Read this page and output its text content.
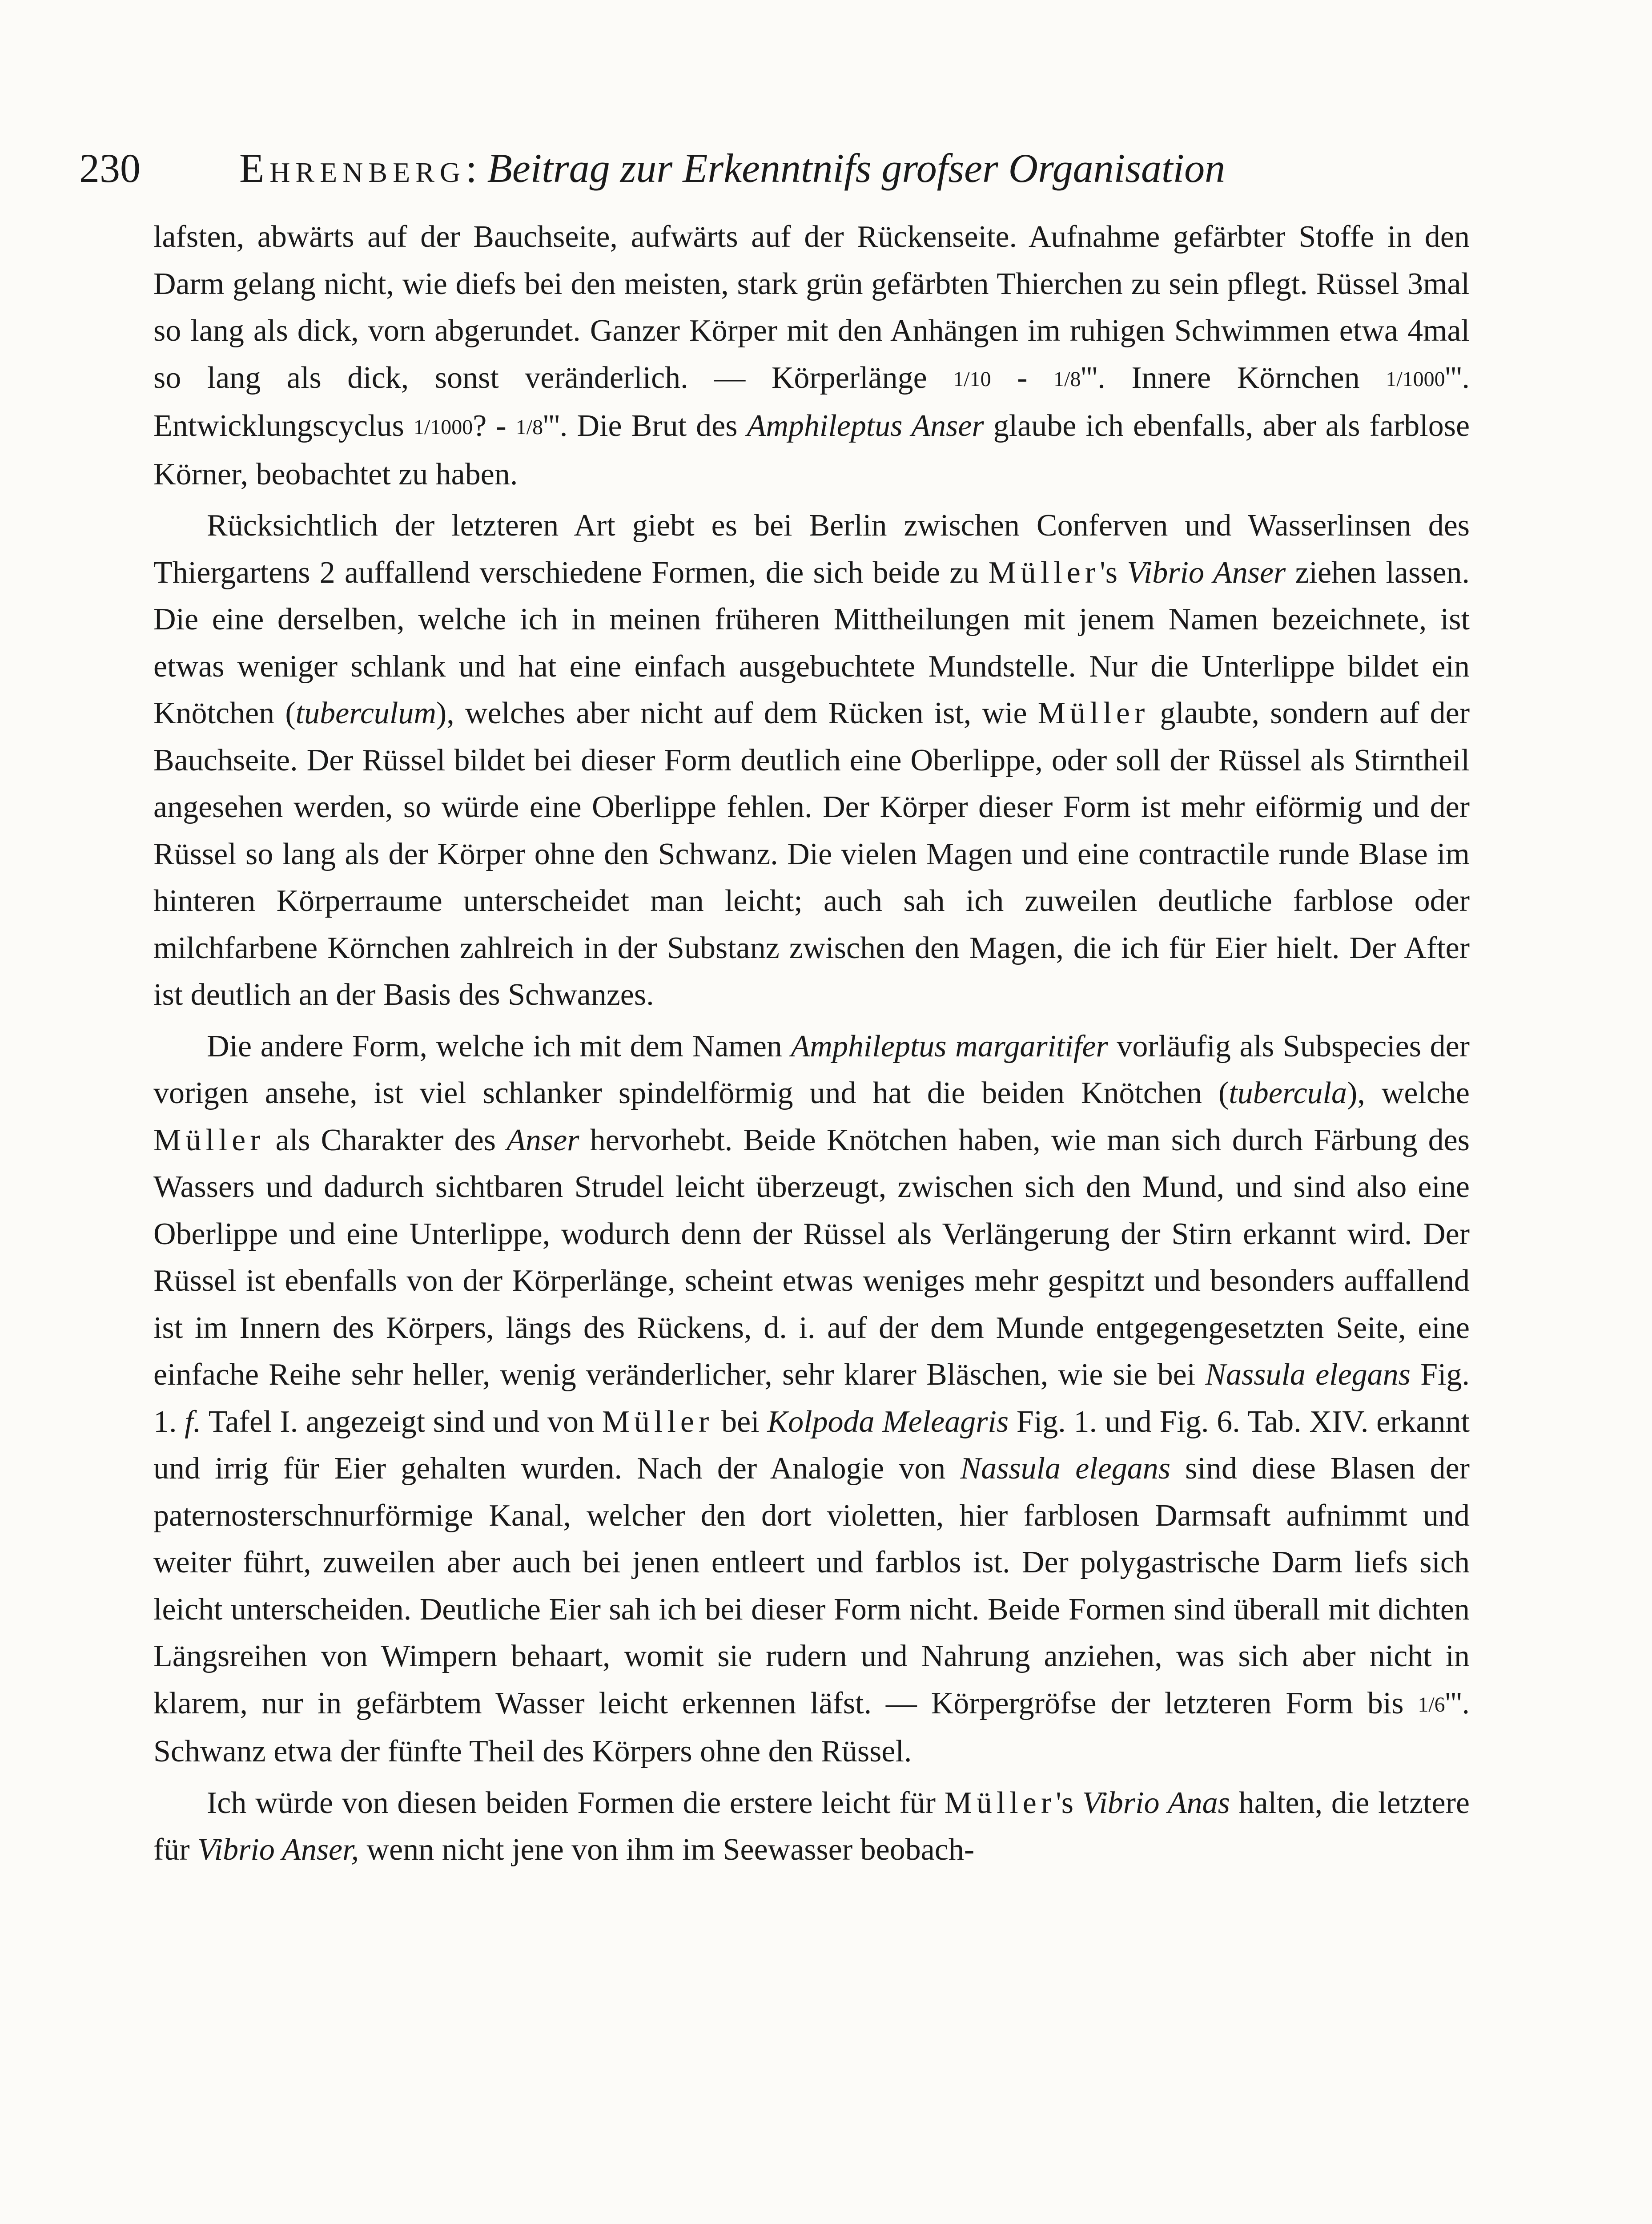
230 Ehrenberg: Beitrag zur Erkenntnifs grofser Organisation

lafsten, abwärts auf der Bauchseite, aufwärts auf der Rückenseite. Aufnahme gefärbter Stoffe in den Darm gelang nicht, wie diefs bei den meisten, stark grün gefärbten Thierchen zu sein pflegt. Rüssel 3mal so lang als dick, vorn abgerundet. Ganzer Körper mit den Anhängen im ruhigen Schwimmen etwa 4mal so lang als dick, sonst veränderlich. — Körperlänge 1/10 - 1/8'''. Innere Körnchen 1/1000'''. Entwicklungscyclus 1/1000? - 1/8'''. Die Brut des Amphileptus Anser glaube ich ebenfalls, aber als farblose Körner, beobachtet zu haben.

Rücksichtlich der letzteren Art giebt es bei Berlin zwischen Conferven und Wasserlinsen des Thiergartens 2 auffallend verschiedene Formen, die sich beide zu Müller's Vibrio Anser ziehen lassen. Die eine derselben, welche ich in meinen früheren Mittheilungen mit jenem Namen bezeichnete, ist etwas weniger schlank und hat eine einfach ausgebuchtete Mundstelle. Nur die Unterlippe bildet ein Knötchen (tuberculum), welches aber nicht auf dem Rücken ist, wie Müller glaubte, sondern auf der Bauchseite. Der Rüssel bildet bei dieser Form deutlich eine Oberlippe, oder soll der Rüssel als Stirntheil angesehen werden, so würde eine Oberlippe fehlen. Der Körper dieser Form ist mehr eiförmig und der Rüssel so lang als der Körper ohne den Schwanz. Die vielen Magen und eine contractile runde Blase im hinteren Körperraume unterscheidet man leicht; auch sah ich zuweilen deutliche farblose oder milchfarbene Körnchen zahlreich in der Substanz zwischen den Magen, die ich für Eier hielt. Der After ist deutlich an der Basis des Schwanzes.

Die andere Form, welche ich mit dem Namen Amphileptus margaritifer vorläufig als Subspecies der vorigen ansehe, ist viel schlanker spindelförmig und hat die beiden Knötchen (tubercula), welche Müller als Charakter des Anser hervorhebt. Beide Knötchen haben, wie man sich durch Färbung des Wassers und dadurch sichtbaren Strudel leicht überzeugt, zwischen sich den Mund, und sind also eine Oberlippe und eine Unterlippe, wodurch denn der Rüssel als Verlängerung der Stirn erkannt wird. Der Rüssel ist ebenfalls von der Körperlänge, scheint etwas weniges mehr gespitzt und besonders auffallend ist im Innern des Körpers, längs des Rückens, d. i. auf der dem Munde entgegengesetzten Seite, eine einfache Reihe sehr heller, wenig veränderlicher, sehr klarer Bläschen, wie sie bei Nassula elegans Fig. 1. f. Tafel I. angezeigt sind und von Müller bei Kolpoda Meleagris Fig. 1. und Fig. 6. Tab. XIV. erkannt und irrig für Eier gehalten wurden. Nach der Analogie von Nassula elegans sind diese Blasen der paternosterschnurförmige Kanal, welcher den dort violetten, hier farblosen Darmsaft aufnimmt und weiter führt, zuweilen aber auch bei jenen entleert und farblos ist. Der polygastrische Darm liefs sich leicht unterscheiden. Deutliche Eier sah ich bei dieser Form nicht. Beide Formen sind überall mit dichten Längsreihen von Wimpern behaart, womit sie rudern und Nahrung anziehen, was sich aber nicht in klarem, nur in gefärbtem Wasser leicht erkennen läfst. — Körpergröfse der letzteren Form bis 1/6'''. Schwanz etwa der fünfte Theil des Körpers ohne den Rüssel.

Ich würde von diesen beiden Formen die erstere leicht für Müller's Vibrio Anas halten, die letztere für Vibrio Anser, wenn nicht jene von ihm im Seewasser beobach-
